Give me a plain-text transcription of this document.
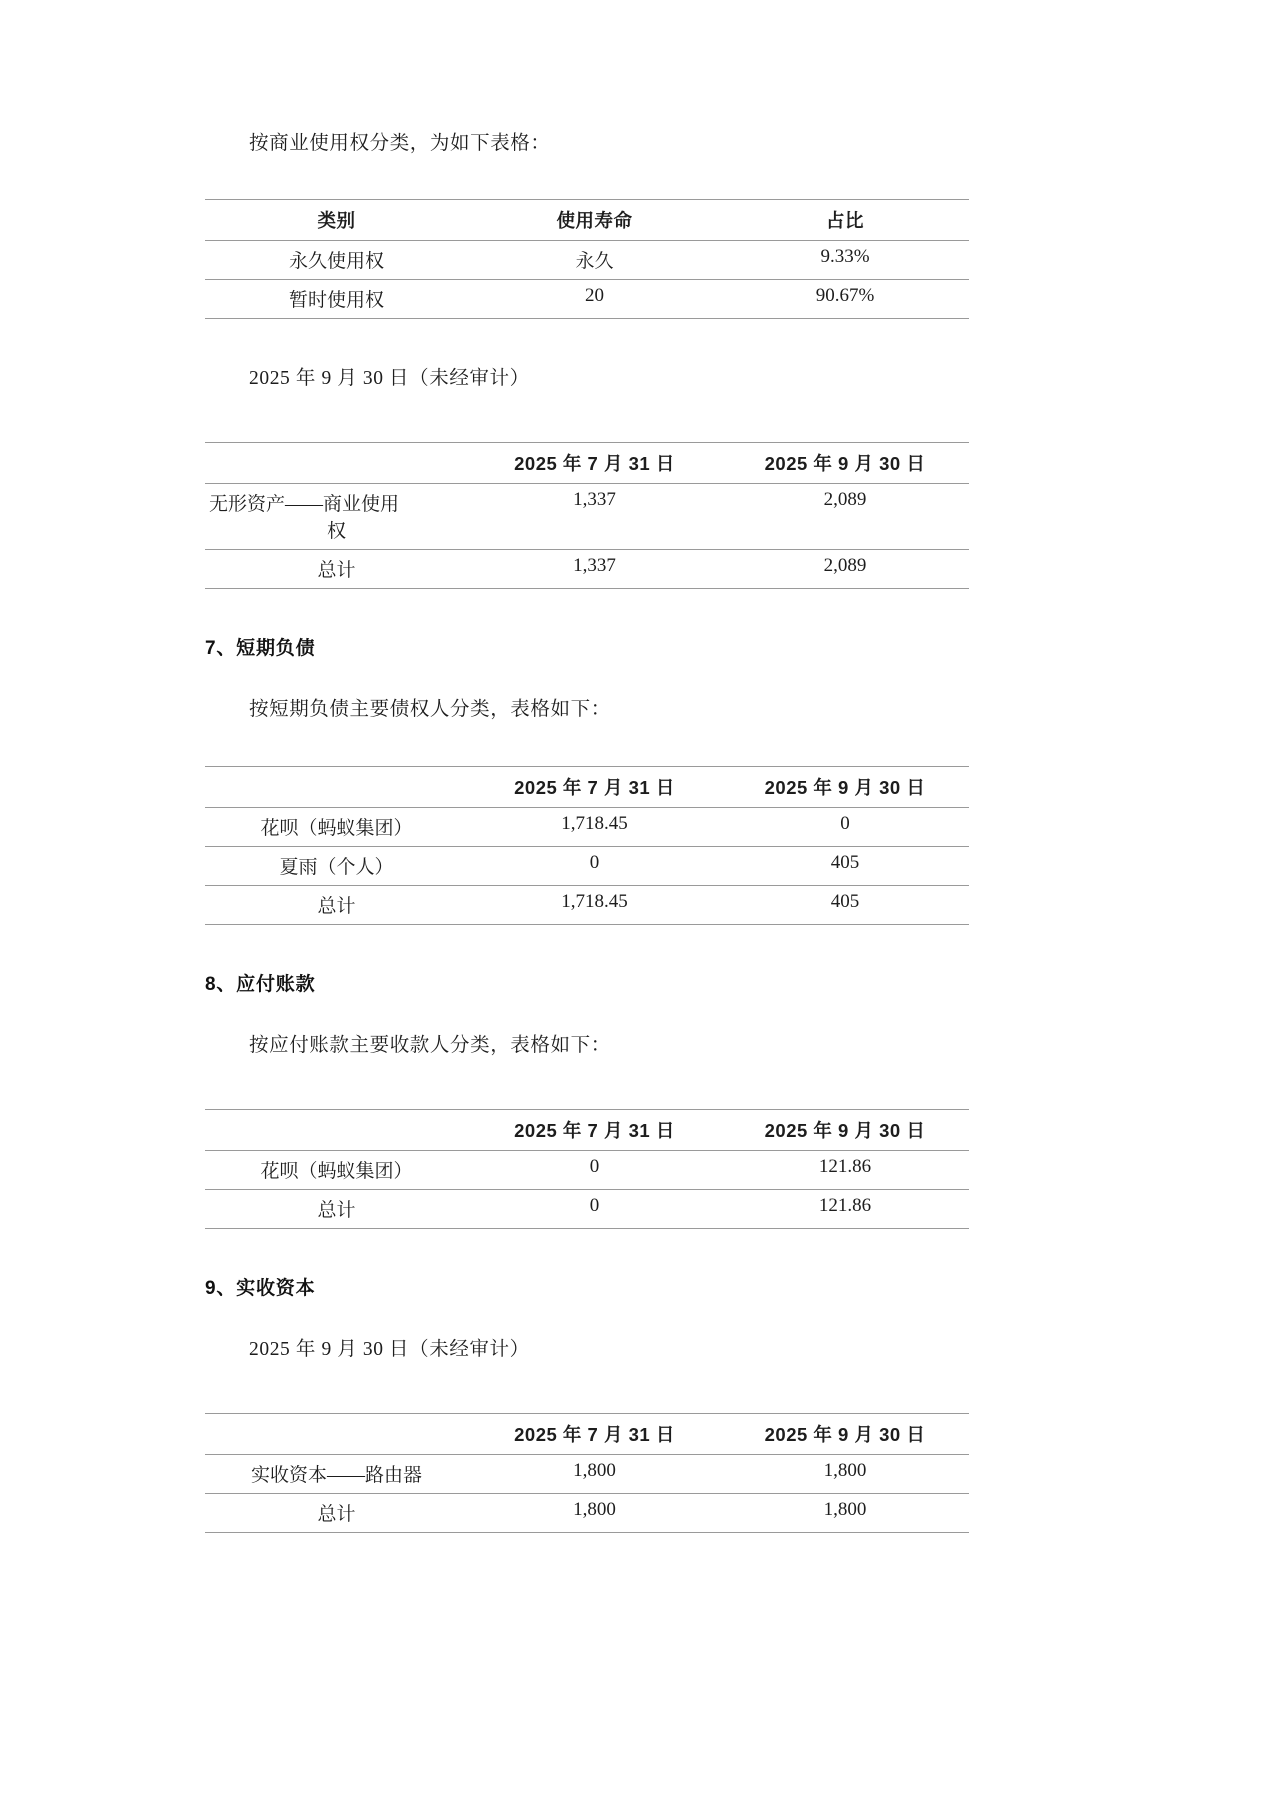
按商业使用权分类，为如下表格：

类别	使用寿命	占比
永久使用权	永久	9.33%
暂时使用权	20	90.67%

2025 年 9 月 30 日（未经审计）

	2025 年 7 月 31 日	2025 年 9 月 30 日

无形资产——商业使用
权	1,337	2,089
总计	1,337	2,089
7、短期负债

按短期负债主要债权人分类，表格如下：

	2025 年 7 月 31 日	2025 年 9 月 30 日
花呗（蚂蚁集团）	1,718.45	0
夏雨（个人）	0	405
总计	1,718.45	405
8、应付账款

按应付账款主要收款人分类，表格如下：

	2025 年 7 月 31 日	2025 年 9 月 30 日
花呗（蚂蚁集团）	0	121.86
总计	0	121.86
9、实收资本

2025 年 9 月 30 日（未经审计）

	2025 年 7 月 31 日	2025 年 9 月 30 日
实收资本——路由器	1,800	1,800
总计	1,800	1,800
